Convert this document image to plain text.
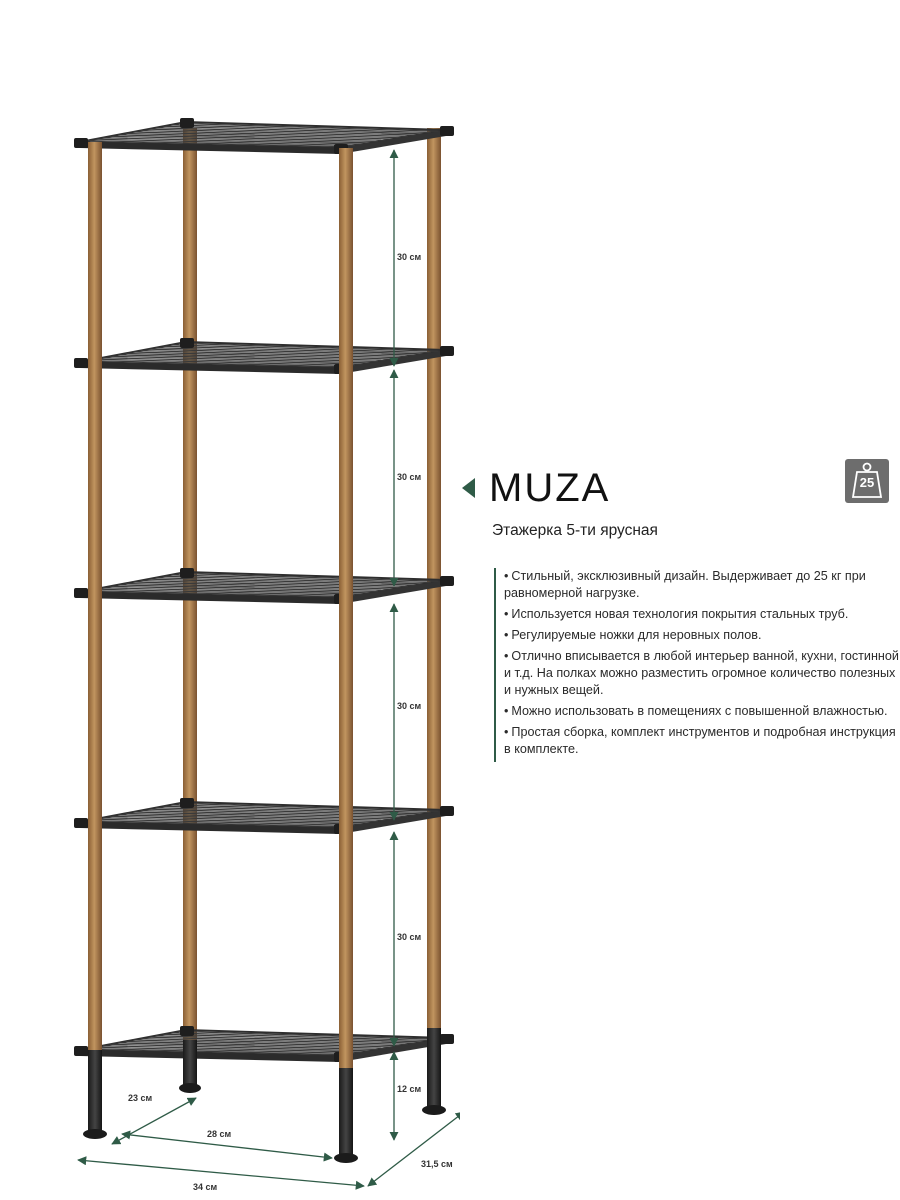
30 см
30 см
30 см
30 см
12 см
23 см
28 см
34 см
31,5 см
MUZA
Этажерка 5-ти ярусная
• Стильный, эксклюзивный дизайн. Выдерживает до 25 кг при равномерной нагрузке.
• Используется новая технология покрытия стальных труб.
• Регулируемые ножки для неровных полов.
• Отлично вписывается в любой интерьер ванной, кухни, гостинной и т.д. На полках можно разместить огромное количество полезных и нужных вещей.
• Можно использовать в помещениях с повышенной влажностью.
• Простая сборка, комплект инструментов и подробная инструкция в комплекте.
25
